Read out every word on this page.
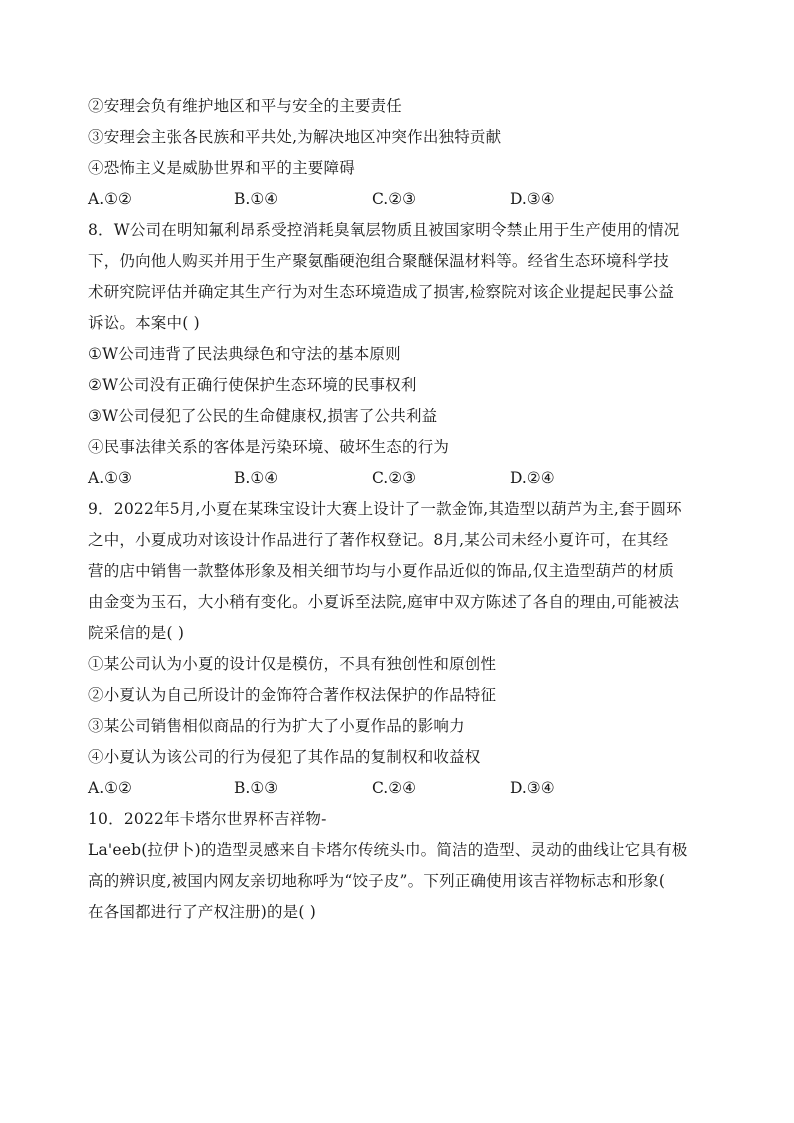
②安理会负有维护地区和平与安全的主要责任
③安理会主张各民族和平共处,为解决地区冲突作出独特贡献
④恐怖主义是威胁世界和平的主要障碍
A.①②	B.①④	C.②③	D.③④
8．W公司在明知氟利昂系受控消耗臭氧层物质且被国家明令禁止用于生产使用的情况
下，仍向他人购买并用于生产聚氨酯硬泡组合聚醚保温材料等。经省生态环境科学技
术研究院评估并确定其生产行为对生态环境造成了损害,检察院对该企业提起民事公益
诉讼。本案中( )
①W公司违背了民法典绿色和守法的基本原则
②W公司没有正确行使保护生态环境的民事权利
③W公司侵犯了公民的生命健康权,损害了公共利益
④民事法律关系的客体是污染环境、破坏生态的行为
A.①③	B.①④	C.②③	D.②④
9．2022年5月,小夏在某珠宝设计大赛上设计了一款金饰,其造型以葫芦为主,套于圆环
之中，小夏成功对该设计作品进行了著作权登记。8月,某公司未经小夏许可，在其经
营的店中销售一款整体形象及相关细节均与小夏作品近似的饰品,仅主造型葫芦的材质
由金变为玉石，大小稍有变化。小夏诉至法院,庭审中双方陈述了各自的理由,可能被法
院采信的是( )
①某公司认为小夏的设计仅是模仿，不具有独创性和原创性
②小夏认为自己所设计的金饰符合著作权法保护的作品特征
③某公司销售相似商品的行为扩大了小夏作品的影响力
④小夏认为该公司的行为侵犯了其作品的复制权和收益权
A.①②	B.①③	C.②④	D.③④
10．2022年卡塔尔世界杯吉祥物-
La'eeb(拉伊卜)的造型灵感来自卡塔尔传统头巾。简洁的造型、灵动的曲线让它具有极
高的辨识度,被国内网友亲切地称呼为“饺子皮”。下列正确使用该吉祥物标志和形象(
在各国都进行了产权注册)的是( )
